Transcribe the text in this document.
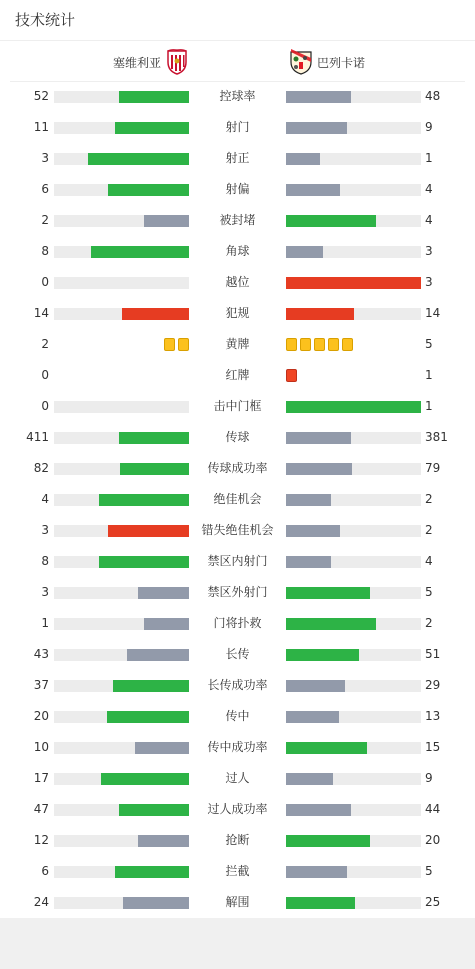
技术统计
塞维利亚	巴列卡诺
52	控球率	48
11	射门	9
3	射正	1
6	射偏	4
2	被封堵	4
8	角球	3
0	越位	3
14	犯规	14
2	黄牌	5
0	红牌	1
0	击中门框	1
411	传球	381
82	传球成功率	79
4	绝佳机会	2
3	错失绝佳机会	2
8	禁区内射门	4
3	禁区外射门	5
1	门将扑救	2
43	长传	51
37	长传成功率	29
20	传中	13
10	传中成功率	15
17	过人	9
47	过人成功率	44
12	抢断	20
6	拦截	5
24	解围	25
